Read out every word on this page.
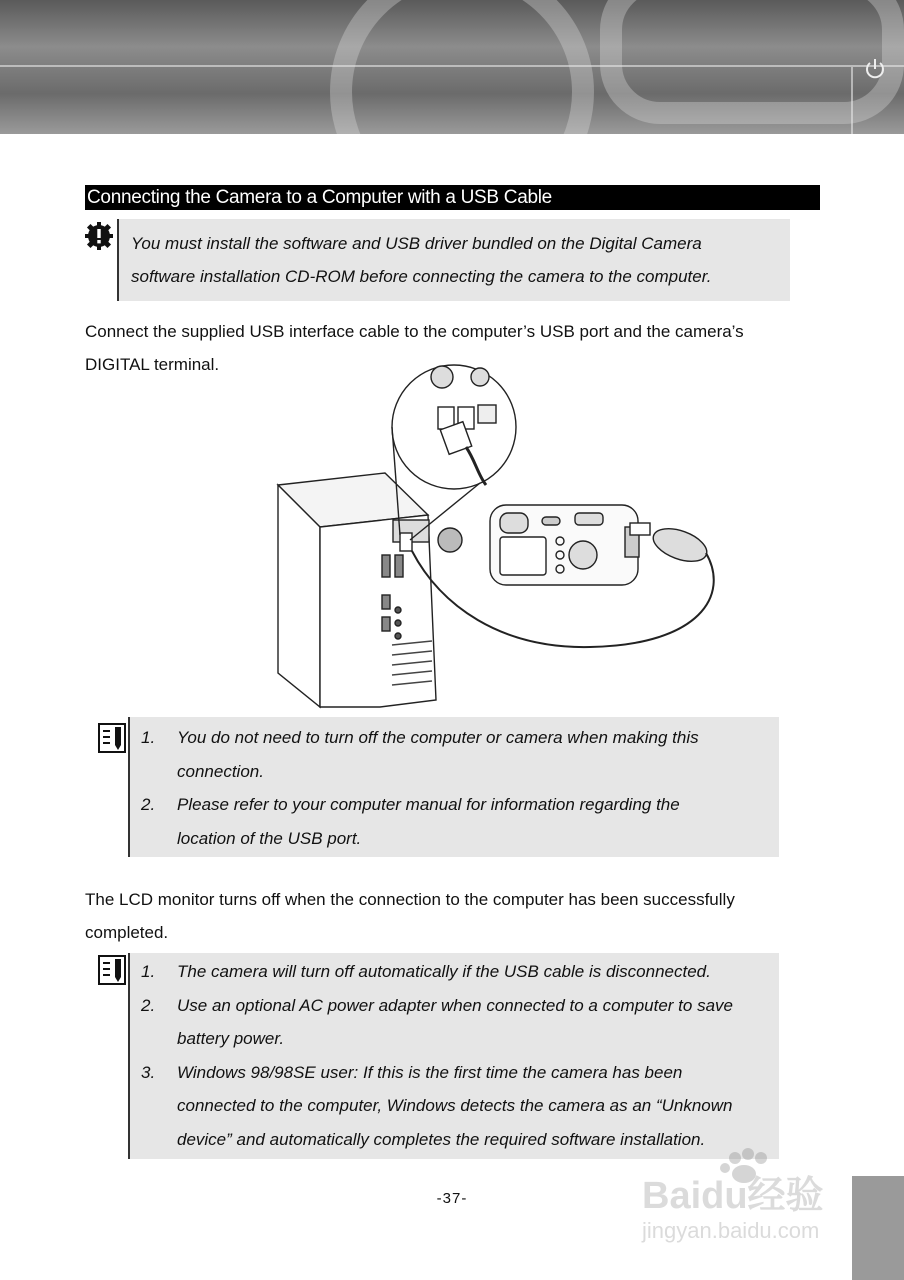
Connecting the Camera to a Computer with a USB Cable
You must install the software and USB driver bundled on the Digital Camera
software installation CD-ROM before connecting the camera to the computer.
Connect the supplied USB interface cable to the computer’s USB port and the camera’s
DIGITAL terminal.
1. You do not need to turn off the computer or camera when making this
connection.
2. Please refer to your computer manual for information regarding the
location of the USB port.
The LCD monitor turns off when the connection to the computer has been successfully
completed.
1. The camera will turn off automatically if the USB cable is disconnected.
2. Use an optional AC power adapter when connected to a computer to save
battery power.
3. Windows 98/98SE user: If this is the first time the camera has been
connected to the computer, Windows detects the camera as an “Unknown
device” and automatically completes the required software installation.
-37-	Baidu经验
jingyan.baidu.com
